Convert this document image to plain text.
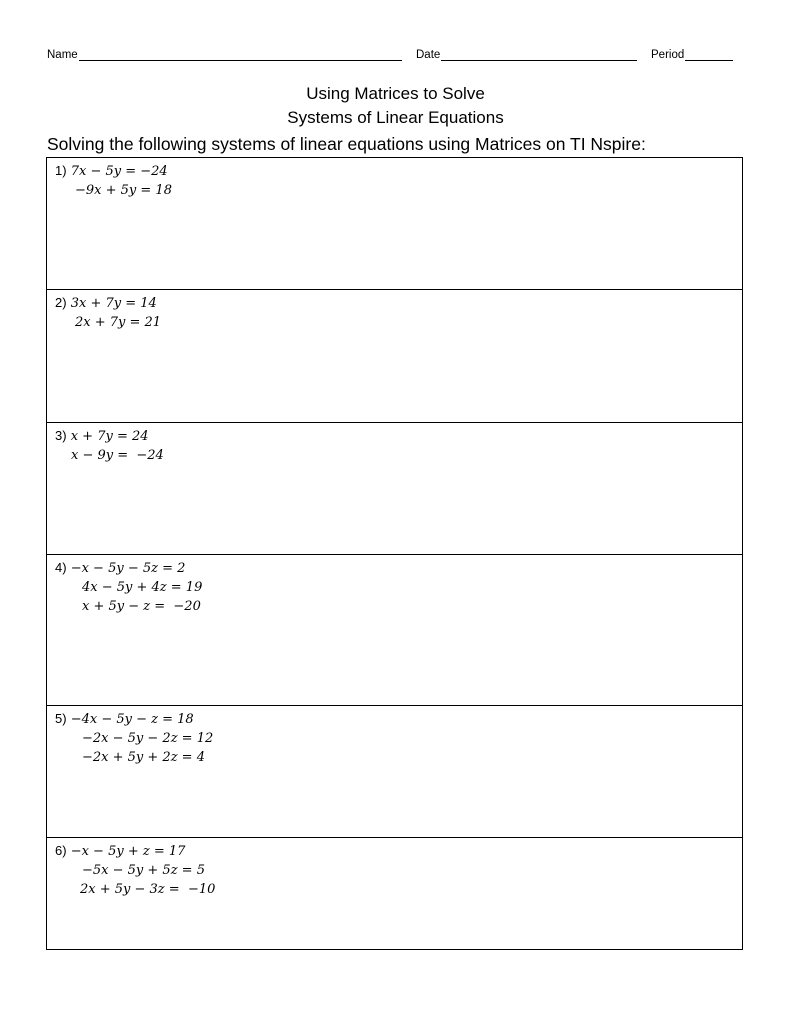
Name	Date	Period
Using Matrices to Solve
Systems of Linear Equations
Solving the following systems of linear equations using Matrices on TI Nspire:
1) 7x − 5y = −24
−9x + 5y = 18
2) 3x + 7y = 14
2x + 7y = 21
3) x + 7y = 24
x − 9y =  −24
4) −x − 5y − 5z = 2
4x − 5y + 4z = 19
x + 5y − z =  −20
5) −4x − 5y − z = 18
−2x − 5y − 2z = 12
−2x + 5y + 2z = 4
6) −x − 5y + z = 17
−5x − 5y + 5z = 5
2x + 5y − 3z =  −10
